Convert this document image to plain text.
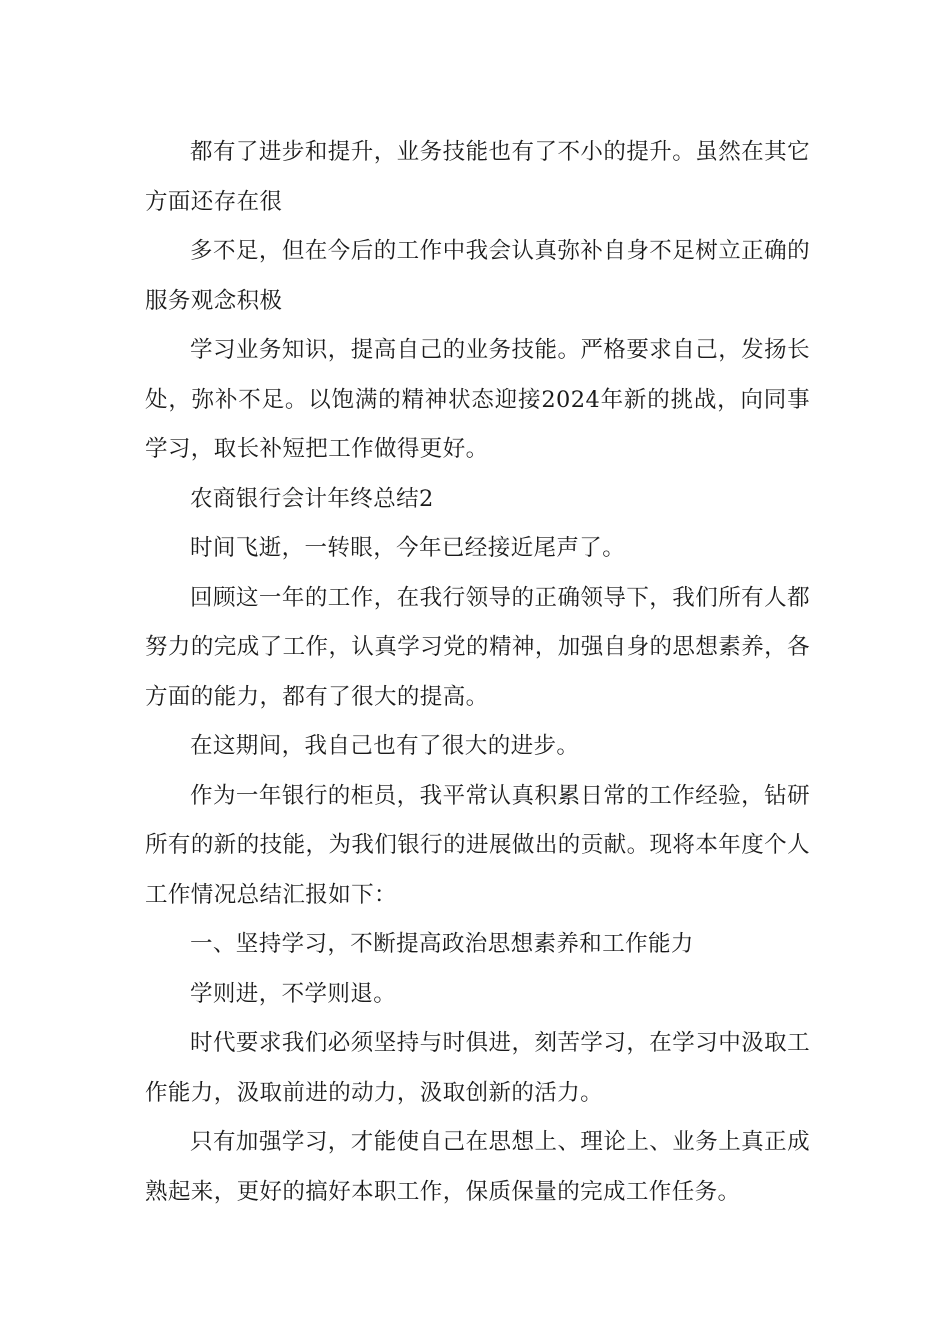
都有了进步和提升，业务技能也有了不小的提升。虽然在其它方面还存在很

多不足，但在今后的工作中我会认真弥补自身不足树立正确的服务观念积极

学习业务知识，提高自己的业务技能。严格要求自己，发扬长处，弥补不足。以饱满的精神状态迎接2024年新的挑战，向同事学习，取长补短把工作做得更好。

农商银行会计年终总结2

时间飞逝，一转眼，今年已经接近尾声了。

回顾这一年的工作，在我行领导的正确领导下，我们所有人都努力的完成了工作，认真学习党的精神，加强自身的思想素养，各方面的能力，都有了很大的提高。

在这期间，我自己也有了很大的进步。

作为一年银行的柜员，我平常认真积累日常的工作经验，钻研所有的新的技能，为我们银行的进展做出的贡献。现将本年度个人工作情况总结汇报如下：

一、坚持学习，不断提高政治思想素养和工作能力

学则进，不学则退。

时代要求我们必须坚持与时俱进，刻苦学习，在学习中汲取工作能力，汲取前进的动力，汲取创新的活力。

只有加强学习，才能使自己在思想上、理论上、业务上真正成熟起来，更好的搞好本职工作，保质保量的完成工作任务。
